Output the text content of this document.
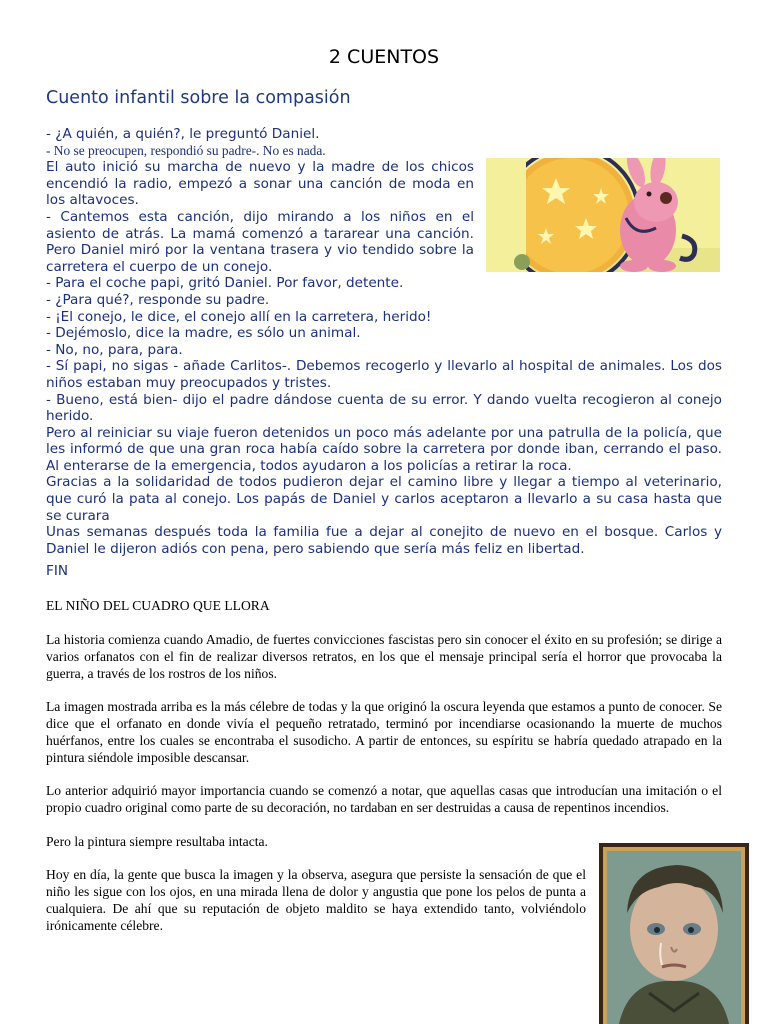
2 CUENTOS
Cuento infantil sobre la compasión

- ¿A quién, a quién?, le preguntó Daniel.

- No se preocupen, respondió su padre-. No es nada.

El auto inició su marcha de nuevo y la madre de los chicos encendió la radio, empezó a sonar una canción de moda en los altavoces.

- Cantemos esta canción, dijo mirando a los niños en el asiento de atrás. La mamá comenzó a tararear una canción. Pero Daniel miró por la ventana trasera y vio tendido sobre la carretera el cuerpo de un conejo.

- Para el coche papi, gritó Daniel. Por favor, detente.

- ¿Para qué?, responde su padre.

- ¡El conejo, le dice, el conejo allí en la carretera, herido!

- Dejémoslo, dice la madre, es sólo un animal.

- No, no, para, para.

- Sí papi, no sigas - añade Carlitos-. Debemos recogerlo y llevarlo al hospital de animales. Los dos niños estaban muy preocupados y tristes.

- Bueno, está bien- dijo el padre dándose cuenta de su error. Y dando vuelta recogieron al conejo herido.

Pero al reiniciar su viaje fueron detenidos un poco más adelante por una patrulla de la policía, que les informó de que una gran roca había caído sobre la carretera por donde iban, cerrando el paso. Al enterarse de la emergencia, todos ayudaron a los policías a retirar la roca.

Gracias a la solidaridad de todos pudieron dejar el camino libre y llegar a tiempo al veterinario, que curó la pata al conejo. Los papás de Daniel y carlos aceptaron a llevarlo a su casa hasta que se curara

Unas semanas después toda la familia fue a dejar al conejito de nuevo en el bosque. Carlos y Daniel le dijeron adiós con pena, pero sabiendo que sería más feliz en libertad.

FIN
EL NIÑO DEL CUADRO QUE LLORA

La historia comienza cuando Amadio, de fuertes convicciones fascistas pero sin conocer el éxito en su profesión; se dirige a varios orfanatos con el fin de realizar diversos retratos, en los que el mensaje principal sería el horror que provocaba la guerra, a través de los rostros de los niños.

La imagen mostrada arriba es la más célebre de todas y la que originó la oscura leyenda que estamos a punto de conocer. Se dice que el orfanato en donde vivía el pequeño retratado, terminó por incendiarse ocasionando la muerte de muchos huérfanos, entre los cuales se encontraba el susodicho. A partir de entonces, su espíritu se habría quedado atrapado en la pintura siéndole imposible descansar.

Lo anterior adquirió mayor importancia cuando se comenzó a notar, que aquellas casas que introducían una imitación o el propio cuadro original como parte de su decoración, no tardaban en ser destruidas a causa de repentinos incendios.

Pero la pintura siempre resultaba intacta.

Hoy en día, la gente que busca la imagen y la observa, asegura que persiste la sensación de que el niño les sigue con los ojos, en una mirada llena de dolor y angustia que pone los pelos de punta a cualquiera. De ahí que su reputación de objeto maldito se haya extendido tanto, volviéndolo irónicamente célebre.
